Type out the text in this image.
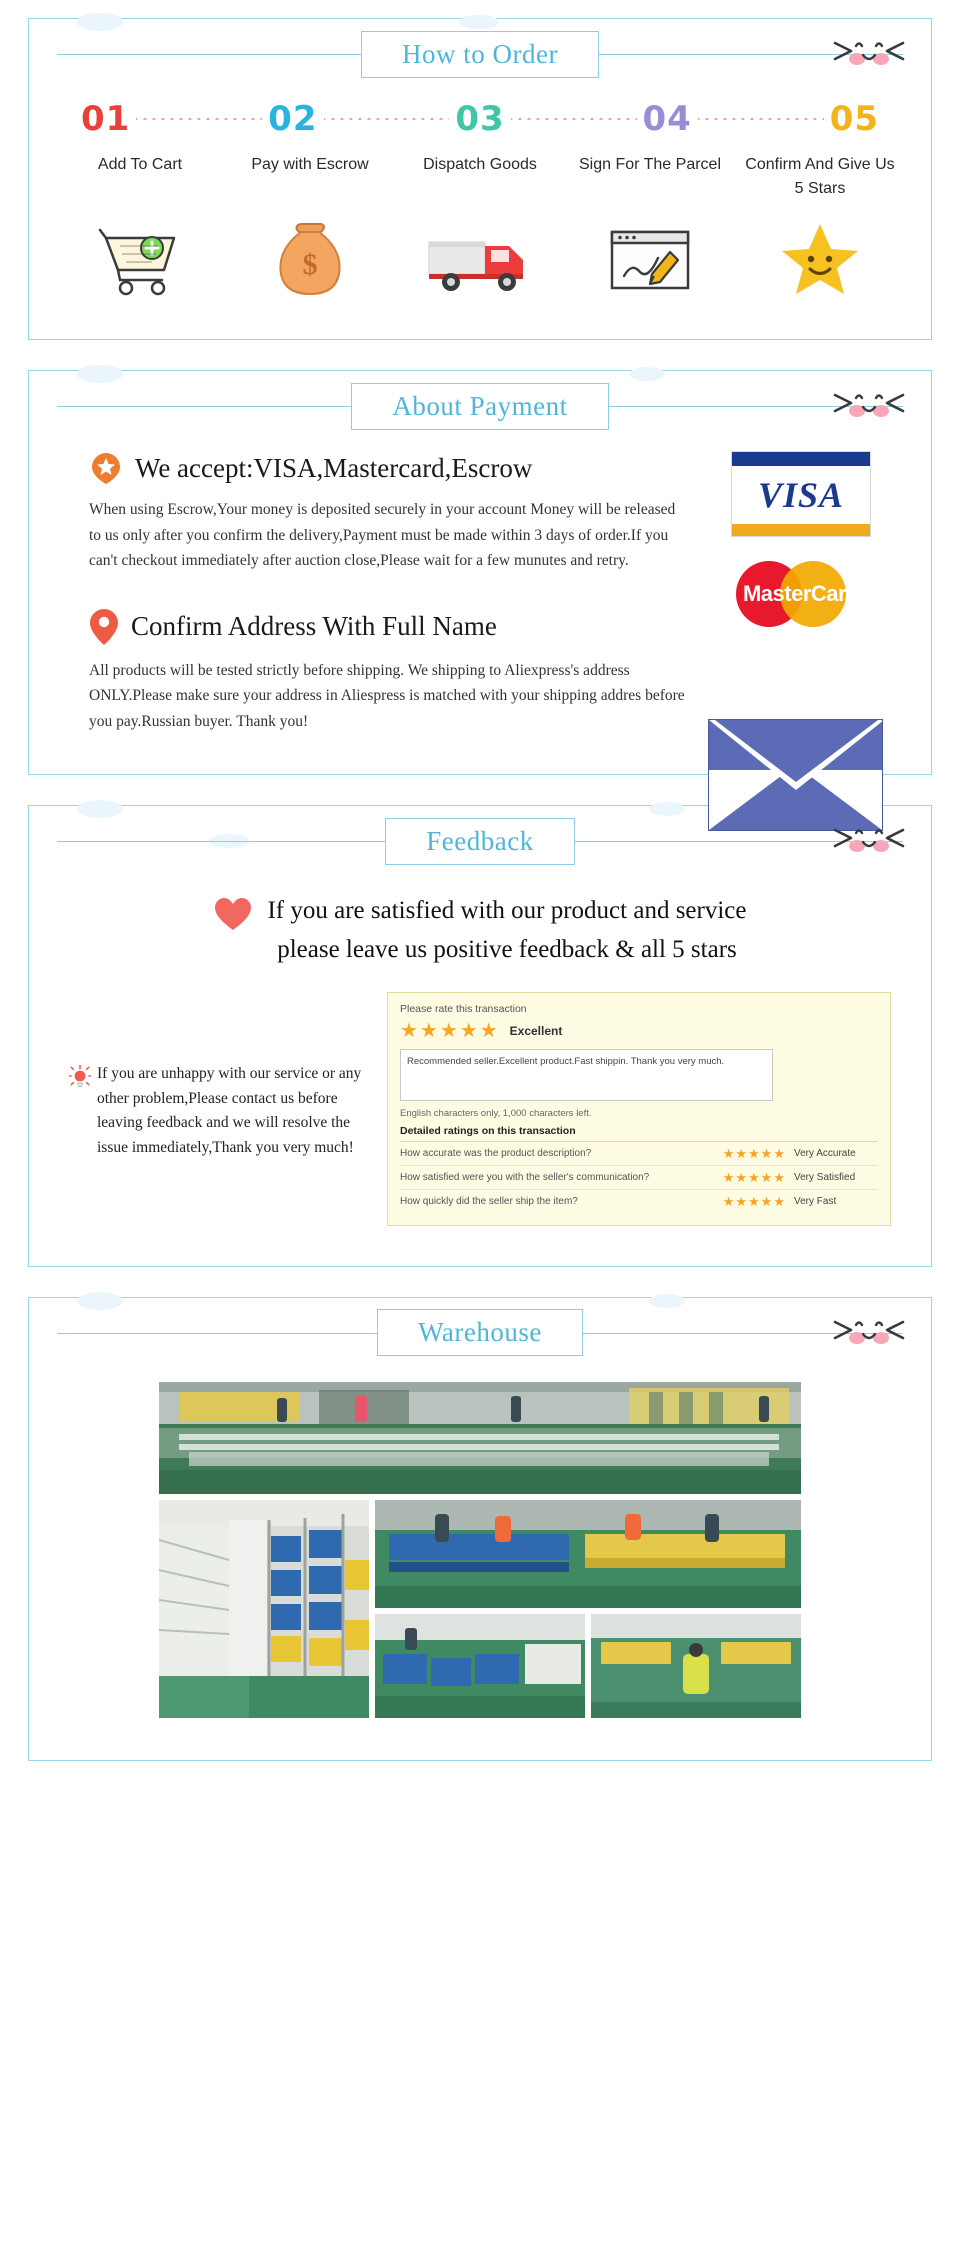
How to Order
01	02	03	04	05
Add To Cart	Pay with Escrow	Dispatch Goods	Sign For The Parcel	Confirm And Give Us 5 Stars
$
About Payment
VISA
MasterCard
We accept:VISA,Mastercard,Escrow
When using Escrow,Your money is deposited securely in your account Money will be released to us only after you confirm the delivery,Payment must be made within 3 days of order.If you can't checkout immediately after auction close,Please wait for a few munutes and retry.
Confirm Address With Full Name
All products will be tested strictly before shipping. We shipping to Aliexpress's address ONLY.Please make sure your address in Aliespress is matched with your shipping addres before you pay.Russian buyer. Thank you!
Feedback
If you are satisfied with our product and service
please leave us positive feedback & all 5 stars
If you are unhappy with our service or any other problem,Please contact us before leaving feedback and we will resolve the issue immediately,Thank you very much!
Please rate this transaction
★★★★★ Excellent
Recommended seller.Excellent product.Fast shippin. Thank you very much.
English characters only, 1,000 characters left.
Detailed ratings on this transaction
How accurate was the product description?	★★★★★ Very Accurate
How satisfied were you with the seller's communication?	★★★★★ Very Satisfied
How quickly did the seller ship the item?	★★★★★ Very Fast
Warehouse
